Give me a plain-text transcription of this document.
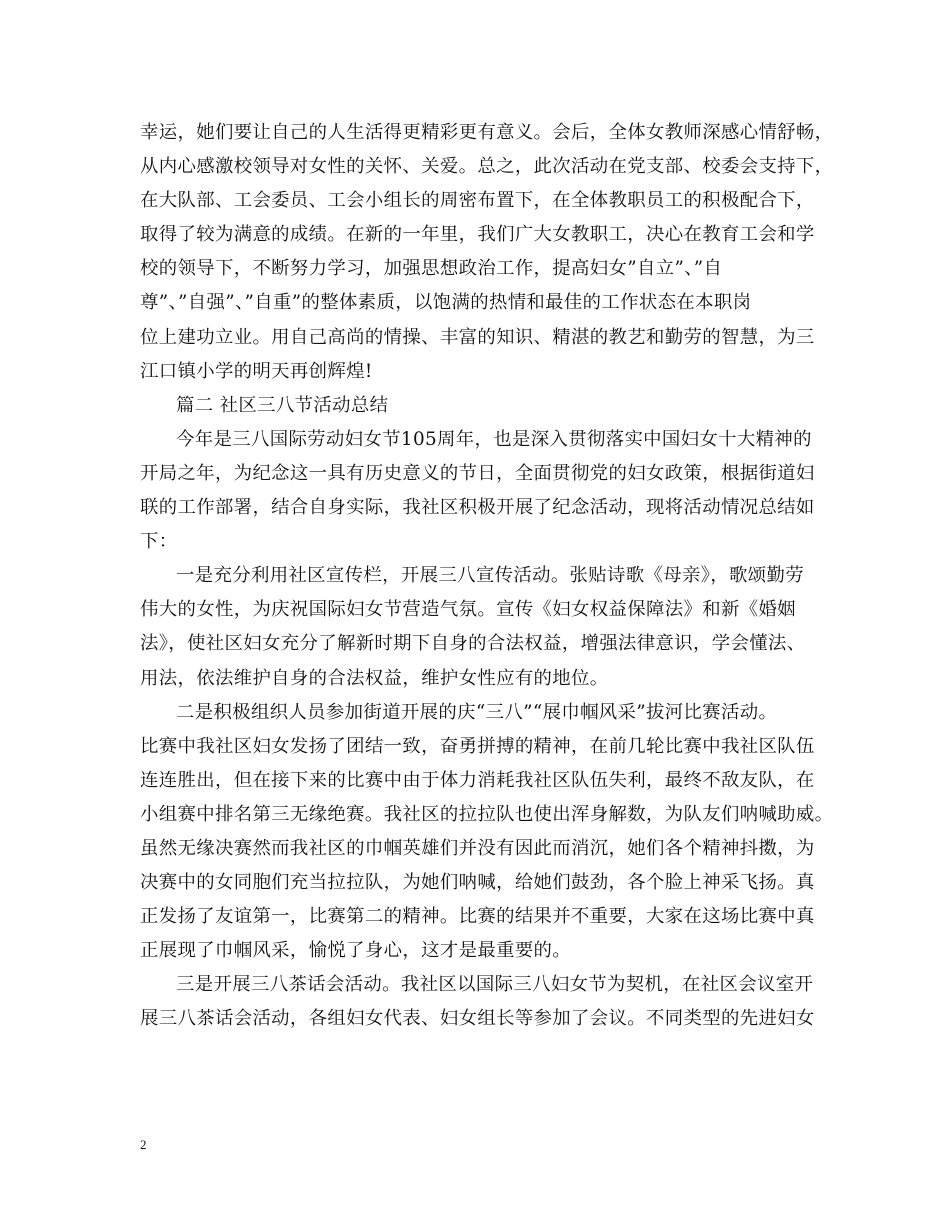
幸运，她们要让自己的人生活得更精彩更有意义。会后，全体女教师深感心情舒畅，
从内心感激校领导对女性的关怀、关爱。总之，此次活动在党支部、校委会支持下，
在大队部、工会委员、工会小组长的周密布置下，在全体教职员工的积极配合下，
取得了较为满意的成绩。在新的一年里，我们广大女教职工，决心在教育工会和学
校的领导下，不断努力学习，加强思想政治工作，提高妇女”自立”、”自
尊”、”自强”、”自重”的整体素质，以饱满的热情和最佳的工作状态在本职岗
位上建功立业。用自己高尚的情操、丰富的知识、精湛的教艺和勤劳的智慧，为三
江口镇小学的明天再创辉煌!
篇二 社区三八节活动总结
今年是三八国际劳动妇女节105周年，也是深入贯彻落实中国妇女十大精神的
开局之年，为纪念这一具有历史意义的节日，全面贯彻党的妇女政策，根据街道妇
联的工作部署，结合自身实际，我社区积极开展了纪念活动，现将活动情况总结如
下：
一是充分利用社区宣传栏，开展三八宣传活动。张贴诗歌《母亲》，歌颂勤劳
伟大的女性，为庆祝国际妇女节营造气氛。宣传《妇女权益保障法》和新《婚姻
法》，使社区妇女充分了解新时期下自身的合法权益，增强法律意识，学会懂法、
用法，依法维护自身的合法权益，维护女性应有的地位。
二是积极组织人员参加街道开展的庆“三八”“展巾帼风采”拔河比赛活动。
比赛中我社区妇女发扬了团结一致，奋勇拼搏的精神，在前几轮比赛中我社区队伍
连连胜出，但在接下来的比赛中由于体力消耗我社区队伍失利，最终不敌友队，在
小组赛中排名第三无缘绝赛。我社区的拉拉队也使出浑身解数，为队友们呐喊助威。
虽然无缘决赛然而我社区的巾帼英雄们并没有因此而消沉，她们各个精神抖擞，为
决赛中的女同胞们充当拉拉队，为她们呐喊，给她们鼓劲，各个脸上神采飞扬。真
正发扬了友谊第一，比赛第二的精神。比赛的结果并不重要，大家在这场比赛中真
正展现了巾帼风采，愉悦了身心，这才是最重要的。
三是开展三八茶话会活动。我社区以国际三八妇女节为契机，在社区会议室开
展三八茶话会活动，各组妇女代表、妇女组长等参加了会议。不同类型的先进妇女
2
